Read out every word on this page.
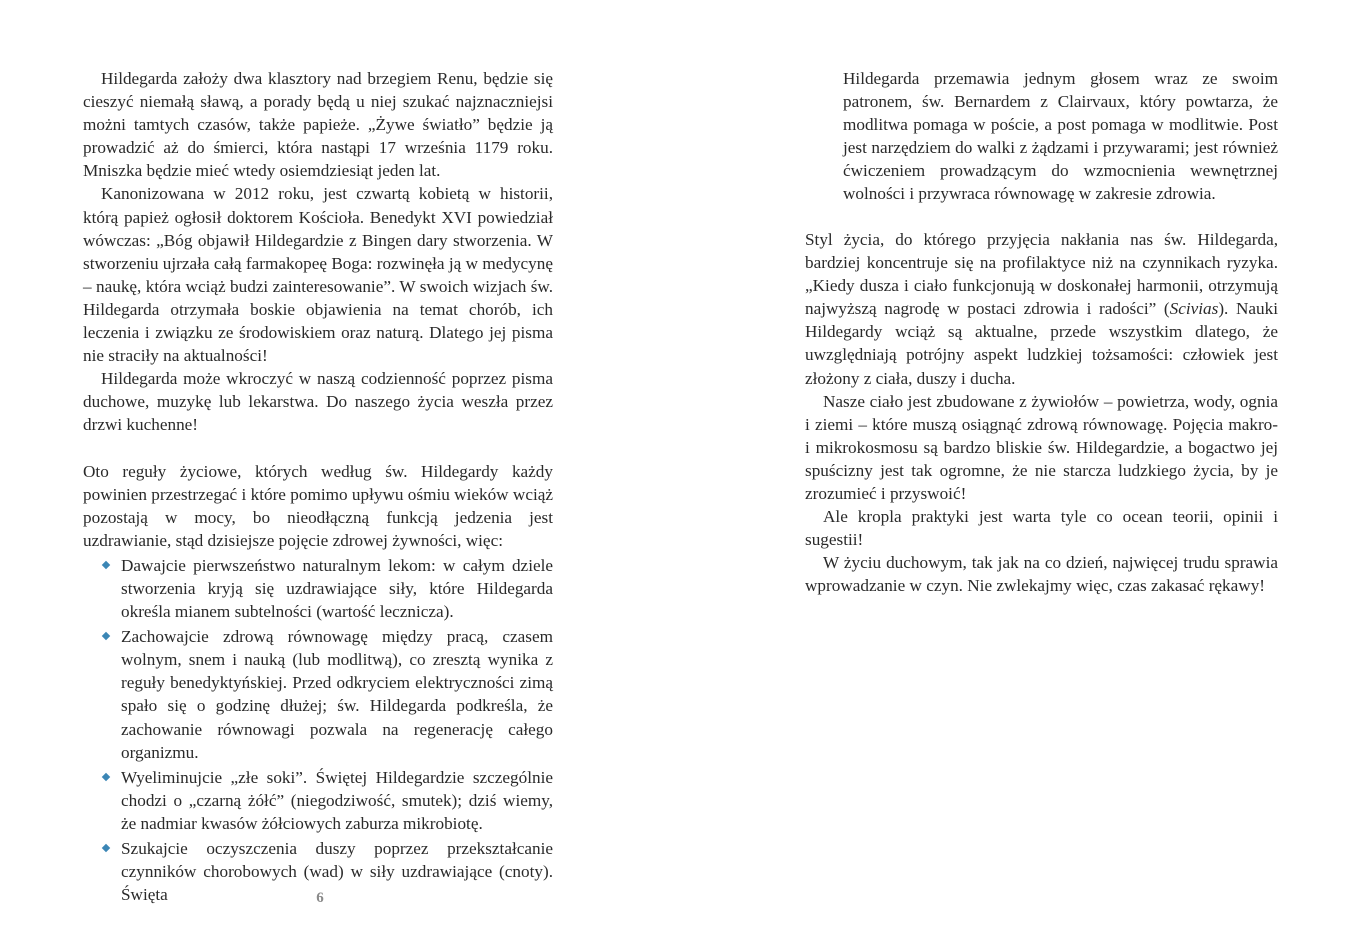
Hildegarda założy dwa klasztory nad brzegiem Renu, będzie się cieszyć niemałą sławą, a porady będą u niej szukać najznaczniejsi możni tamtych czasów, także papieże. „Żywe światło” będzie ją prowadzić aż do śmierci, która nastąpi 17 września 1179 roku. Mniszka będzie mieć wtedy osiemdziesiąt jeden lat.

Kanonizowana w 2012 roku, jest czwartą kobietą w historii, którą papież ogłosił doktorem Kościoła. Benedykt XVI powiedział wówczas: „Bóg objawił Hildegardzie z Bingen dary stworzenia. W stworzeniu ujrzała całą farmakopeę Boga: rozwinęła ją w medycynę – naukę, która wciąż budzi zainteresowanie”. W swoich wizjach św. Hildegarda otrzymała boskie objawienia na temat chorób, ich leczenia i związku ze środowiskiem oraz naturą. Dlatego jej pisma nie straciły na aktualności!

Hildegarda może wkroczyć w naszą codzienność poprzez pisma duchowe, muzykę lub lekarstwa. Do naszego życia weszła przez drzwi kuchenne!

Oto reguły życiowe, których według św. Hildegardy każdy powinien przestrzegać i które pomimo upływu ośmiu wieków wciąż pozostają w mocy, bo nieodłączną funkcją jedzenia jest uzdrawianie, stąd dzisiejsze pojęcie zdrowej żywności, więc:

Dawajcie pierwszeństwo naturalnym lekom: w całym dziele stworzenia kryją się uzdrawiające siły, które Hildegarda określa mianem subtelności (wartość lecznicza).
Zachowajcie zdrową równowagę między pracą, czasem wolnym, snem i nauką (lub modlitwą), co zresztą wynika z reguły benedyktyńskiej. Przed odkryciem elektryczności zimą spało się o godzinę dłużej; św. Hildegarda podkreśla, że zachowanie równowagi pozwala na regenerację całego organizmu.
Wyeliminujcie „złe soki”. Świętej Hildegardzie szczególnie chodzi o „czarną żółć” (niegodziwość, smutek); dziś wiemy, że nadmiar kwasów żółciowych zaburza mikrobiotę.
Szukajcie oczyszczenia duszy poprzez przekształcanie czynników chorobowych (wad) w siły uzdrawiające (cnoty). Święta	6

Hildegarda przemawia jednym głosem wraz ze swoim patronem, św. Bernardem z Clairvaux, który powtarza, że modlitwa pomaga w poście, a post pomaga w modlitwie. Post jest narzędziem do walki z żądzami i przywarami; jest również ćwiczeniem prowadzącym do wzmocnienia wewnętrznej wolności i przywraca równowagę w zakresie zdrowia.

Styl życia, do którego przyjęcia nakłania nas św. Hildegarda, bardziej koncentruje się na profilaktyce niż na czynnikach ryzyka. „Kiedy dusza i ciało funkcjonują w doskonałej harmonii, otrzymują najwyższą nagrodę w postaci zdrowia i radości” (Scivias). Nauki Hildegardy wciąż są aktualne, przede wszystkim dlatego, że uwzględniają potrójny aspekt ludzkiej tożsamości: człowiek jest złożony z ciała, duszy i ducha.

Nasze ciało jest zbudowane z żywiołów – powietrza, wody, ognia i ziemi – które muszą osiągnąć zdrową równowagę. Pojęcia makro- i mikrokosmosu są bardzo bliskie św. Hildegardzie, a bogactwo jej spuścizny jest tak ogromne, że nie starcza ludzkiego życia, by je zrozumieć i przyswoić!

Ale kropla praktyki jest warta tyle co ocean teorii, opinii i sugestii!

W życiu duchowym, tak jak na co dzień, najwięcej trudu sprawia wprowadzanie w czyn. Nie zwlekajmy więc, czas zakasać rękawy!
